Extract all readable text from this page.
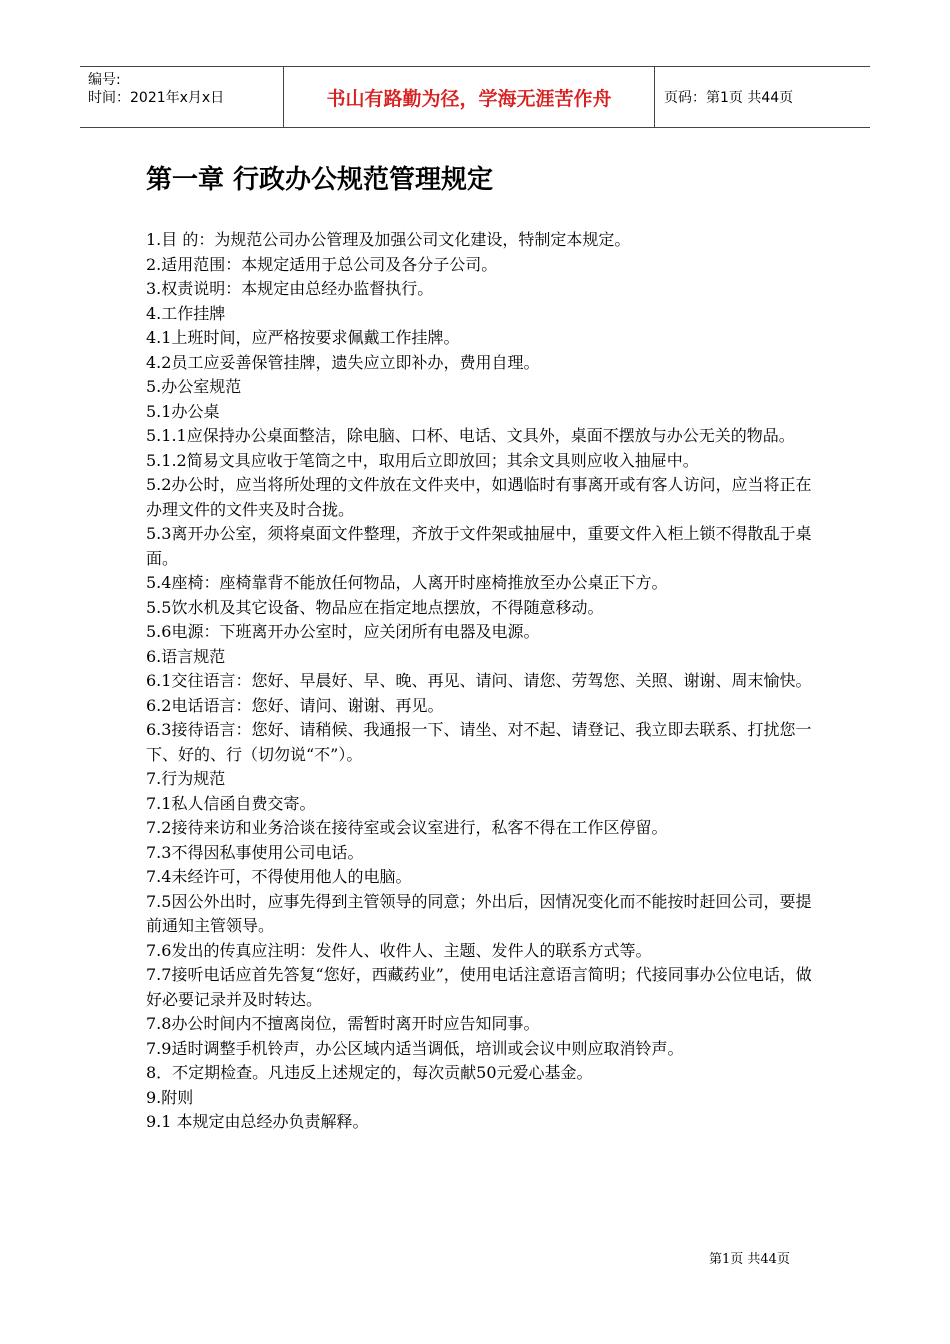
编号:
时间：2021年x月x日	书山有路勤为径，学海无涯苦作舟	页码：第1页 共44页
第一章 行政办公规范管理规定

1.目 的：为规范公司办公管理及加强公司文化建设，特制定本规定。

2.适用范围：本规定适用于总公司及各分子公司。

3.权责说明：本规定由总经办监督执行。

4.工作挂牌

4.1上班时间，应严格按要求佩戴工作挂牌。

4.2员工应妥善保管挂牌，遗失应立即补办，费用自理。

5.办公室规范

5.1办公桌

5.1.1应保持办公桌面整洁，除电脑、口杯、电话、文具外，桌面不摆放与办公无关的物品。

5.1.2简易文具应收于笔筒之中，取用后立即放回；其余文具则应收入抽屉中。

5.2办公时，应当将所处理的文件放在文件夹中，如遇临时有事离开或有客人访问，应当将正在办理文件的文件夹及时合拢。

5.3离开办公室，须将桌面文件整理，齐放于文件架或抽屉中，重要文件入柜上锁不得散乱于桌面。

5.4座椅：座椅靠背不能放任何物品，人离开时座椅推放至办公桌正下方。

5.5饮水机及其它设备、物品应在指定地点摆放，不得随意移动。

5.6电源：下班离开办公室时，应关闭所有电器及电源。

6.语言规范

6.1交往语言：您好、早晨好、早、晚、再见、请问、请您、劳驾您、关照、谢谢、周末愉快。

6.2电话语言：您好、请问、谢谢、再见。

6.3接待语言：您好、请稍候、我通报一下、请坐、对不起、请登记、我立即去联系、打扰您一下、好的、行（切勿说“不”）。

7.行为规范

7.1私人信函自费交寄。

7.2接待来访和业务洽谈在接待室或会议室进行，私客不得在工作区停留。

7.3不得因私事使用公司电话。

7.4未经许可，不得使用他人的电脑。

7.5因公外出时，应事先得到主管领导的同意；外出后，因情况变化而不能按时赶回公司，要提前通知主管领导。

7.6发出的传真应注明：发件人、收件人、主题、发件人的联系方式等。

7.7接听电话应首先答复“您好，西藏药业”，使用电话注意语言简明；代接同事办公位电话，做好必要记录并及时转达。

7.8办公时间内不擅离岗位，需暂时离开时应告知同事。

7.9适时调整手机铃声，办公区域内适当调低，培训或会议中则应取消铃声。

8．不定期检查。凡违反上述规定的，每次贡献50元爱心基金。

9.附则

9.1 本规定由总经办负责解释。

第1页 共44页
